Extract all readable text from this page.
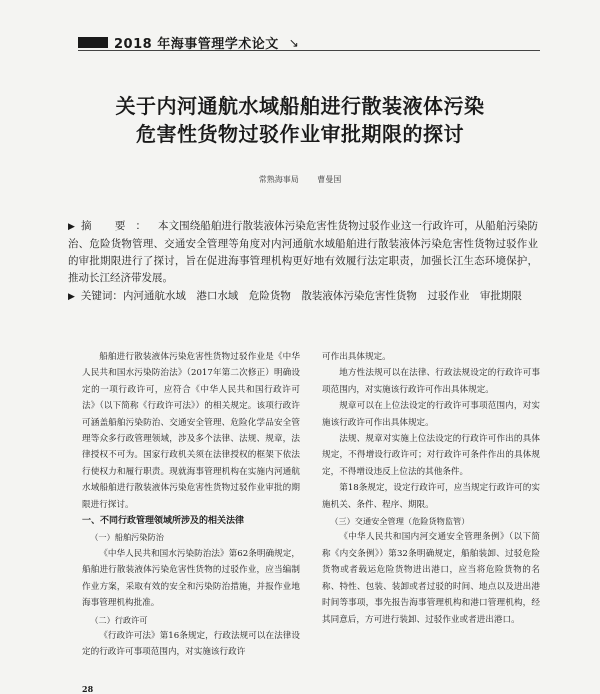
2018 年海事管理学术论文 ↘
关于内河通航水域船舶进行散装液体污染
危害性货物过驳作业审批期限的探讨
常熟海事局 曹曼国

▶ 摘 要： 本文围绕船舶进行散装液体污染危害性货物过驳作业这一行政许可，从船舶污染防治、危险货物管理、交通安全管理等角度对内河通航水域船舶进行散装液体污染危害性货物过驳作业的审批期限进行了探讨，旨在促进海事管理机构更好地有效履行法定职责，加强长江生态环境保护，推动长江经济带发展。

▶ 关键词：内河通航水域　港口水域　危险货物　散装液体污染危害性货物　过驳作业　审批期限

船舶进行散装液体污染危害性货物过驳作业是《中华人民共和国水污染防治法》（2017年第二次修正）明确设定的一项行政许可，应符合《中华人民共和国行政许可法》（以下简称《行政许可法》）的相关规定。该项行政许可涵盖船舶污染防治、交通安全管理、危险化学品安全管理等众多行政管理领域，涉及多个法律、法规、规章，法律授权不可为。国家行政机关须在法律授权的框架下依法行使权力和履行职责。现就海事管理机构在实施内河通航水域船舶进行散装液体污染危害性货物过驳作业审批的期限进行探讨。

一、不同行政管理领域所涉及的相关法律

（一）船舶污染防治

《中华人民共和国水污染防治法》第62条明确规定，船舶进行散装液体污染危害性货物的过驳作业，应当编制作业方案，采取有效的安全和污染防治措施，并报作业地海事管理机构批准。

（二）行政许可

《行政许可法》第16条规定，行政法规可以在法律设定的行政许可事项范围内，对实施该行政许

可作出具体规定。

地方性法规可以在法律、行政法规设定的行政许可事项范围内，对实施该行政许可作出具体规定。

规章可以在上位法设定的行政许可事项范围内，对实施该行政许可作出具体规定。

法规、规章对实施上位法设定的行政许可作出的具体规定，不得增设行政许可；对行政许可条件作出的具体规定，不得增设违反上位法的其他条件。

第18条规定，设定行政许可，应当规定行政许可的实施机关、条件、程序、期限。

（三）交通安全管理（危险货物监管）

《中华人民共和国内河交通安全管理条例》（以下简称《内交条例》）第32条明确规定，船舶装卸、过驳危险货物或者载运危险货物进出港口，应当将危险货物的名称、特性、包装、装卸或者过驳的时间、地点以及进出港时间等事项，事先报告海事管理机构和港口管理机构，经其同意后，方可进行装卸、过驳作业或者进出港口。

28
